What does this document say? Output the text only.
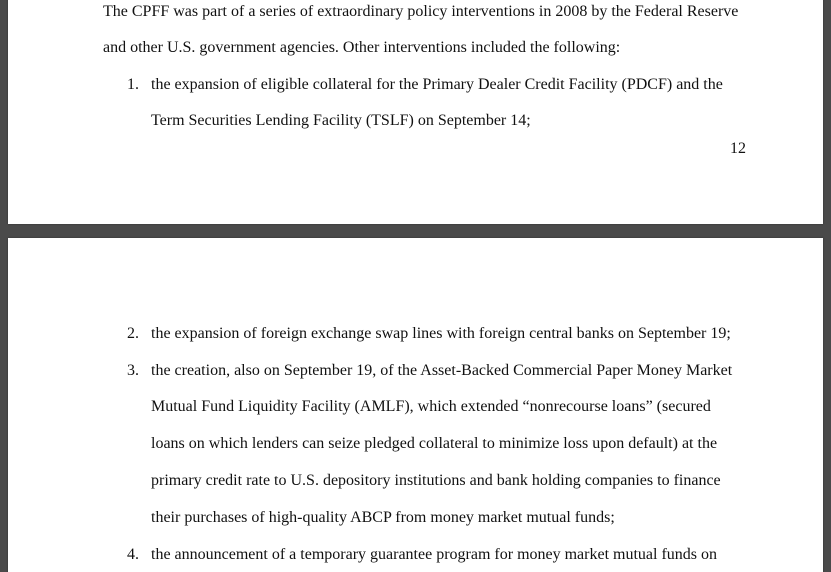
The CPFF was part of a series of extraordinary policy interventions in 2008 by the Federal Reserve
and other U.S. government agencies. Other interventions included the following:
1. the expansion of eligible collateral for the Primary Dealer Credit Facility (PDCF) and the
Term Securities Lending Facility (TSLF) on September 14;
12
2. the expansion of foreign exchange swap lines with foreign central banks on September 19;
3. the creation, also on September 19, of the Asset-Backed Commercial Paper Money Market
Mutual Fund Liquidity Facility (AMLF), which extended “nonrecourse loans” (secured
loans on which lenders can seize pledged collateral to minimize loss upon default) at the
primary credit rate to U.S. depository institutions and bank holding companies to finance
their purchases of high-quality ABCP from money market mutual funds;
4. the announcement of a temporary guarantee program for money market mutual funds on
